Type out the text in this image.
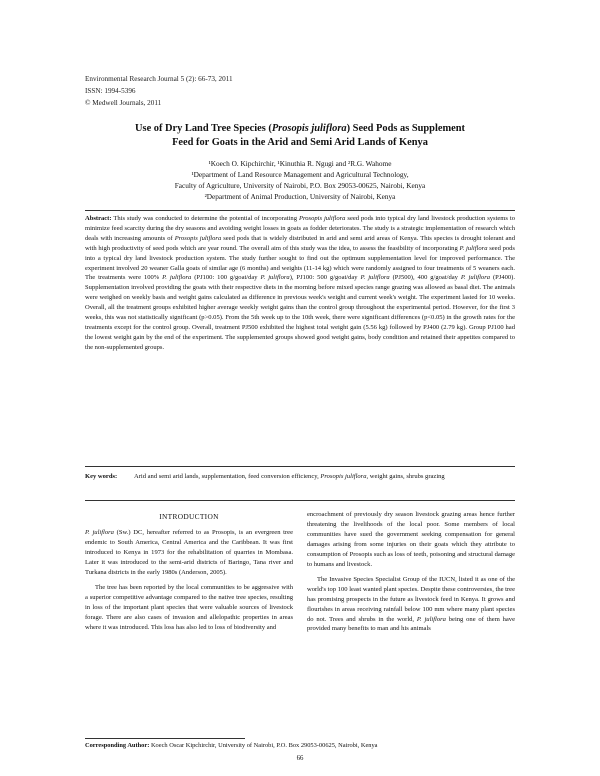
Environmental Research Journal 5 (2): 66-73, 2011
ISSN: 1994-5396
© Medwell Journals, 2011
Use of Dry Land Tree Species (Prosopis juliflora) Seed Pods as Supplement
Feed for Goats in the Arid and Semi Arid Lands of Kenya
¹Koech O. Kipchirchir, ¹Kinuthia R. Ngugi and ²R.G. Wahome
¹Department of Land Resource Management and Agricultural Technology,
Faculty of Agriculture, University of Nairobi, P.O. Box 29053-00625, Nairobi, Kenya
²Department of Animal Production, University of Nairobi, Kenya
Abstract: This study was conducted to determine the potential of incorporating Prosopis juliflora seed pods into typical dry land livestock production systems to minimize feed scarcity during the dry seasons and avoiding weight losses in goats as fodder deteriorates. The study is a strategic implementation of research which deals with increasing amounts of Prosopis juliflora seed pods that is widely distributed in arid and semi arid areas of Kenya. This species is drought tolerant and with high productivity of seed pods which are year round. The overall aim of this study was the idea, to assess the feasibility of incorporating P. juliflora seed pods into a typical dry land livestock production system. The study further sought to find out the optimum supplementation level for improved performance. The experiment involved 20 weaner Galla goats of similar age (6 months) and weights (11-14 kg) which were randomly assigned to four treatments of 5 weaners each. The treatments were 100% P. juliflora (PJ100: 100 g/goat/day P. juliflora), PJ100: 500 g/goat/day P. juliflora (PJ500), 400 g/goat/day P. juliflora (PJ400). Supplementation involved providing the goats with their respective diets in the morning before mixed species range grazing was allowed as basal diet. The animals were weighed on weekly basis and weight gains calculated as difference in previous week's weight and current week's weight. The experiment lasted for 10 weeks. Overall, all the treatment groups exhibited higher average weekly weight gains than the control group throughout the experimental period. However, for the first 3 weeks, this was not statistically significant (p>0.05). From the 5th week up to the 10th week, there were significant differences (p<0.05) in the growth rates for the treatments except for the control group. Overall, treatment PJ500 exhibited the highest total weight gain (5.56 kg) followed by PJ400 (2.79 kg). Group PJ100 had the lowest weight gain by the end of the experiment. The supplemented groups showed good weight gains, body condition and retained their appetites compared to the non-supplemented groups.
Key words:	Arid and semi arid lands, supplementation, feed conversion efficiency, Prosopis juliflora, weight gains, shrubs grazing
INTRODUCTION

P. juliflora (Sw.) DC, hereafter referred to as Prosopis, is an evergreen tree endemic to South America, Central America and the Caribbean. It was first introduced to Kenya in 1973 for the rehabilitation of quarries in Mombasa. Later it was introduced to the semi-arid districts of Baringo, Tana river and Turkana districts in the early 1980s (Anderson, 2005).

The tree has been reported by the local communities to be aggressive with a superior competitive advantage compared to the native tree species, resulting in loss of the important plant species that were valuable sources of livestock forage. There are also cases of invasion and allelopathic properties in areas where it was introduced. This loss has also led to loss of biodiversity and

encroachment of previously dry season livestock grazing areas hence further threatening the livelihoods of the local poor. Some members of local communities have sued the government seeking compensation for general damages arising from some injuries on their goats which they attribute to consumption of Prosopis such as loss of teeth, poisoning and structural damage to humans and livestock.

The Invasive Species Specialist Group of the IUCN, listed it as one of the world's top 100 least wanted plant species. Despite these controversies, the tree has promising prospects in the future as livestock feed in Kenya. It grows and flourishes in areas receiving rainfall below 100 mm where many plant species do not. Trees and shrubs in the world, P. juliflora being one of them have provided many benefits to man and his animals

Corresponding Author: Koech Oscar Kipchirchir, University of Nairobi, P.O. Box 29053-00625, Nairobi, Kenya
66
